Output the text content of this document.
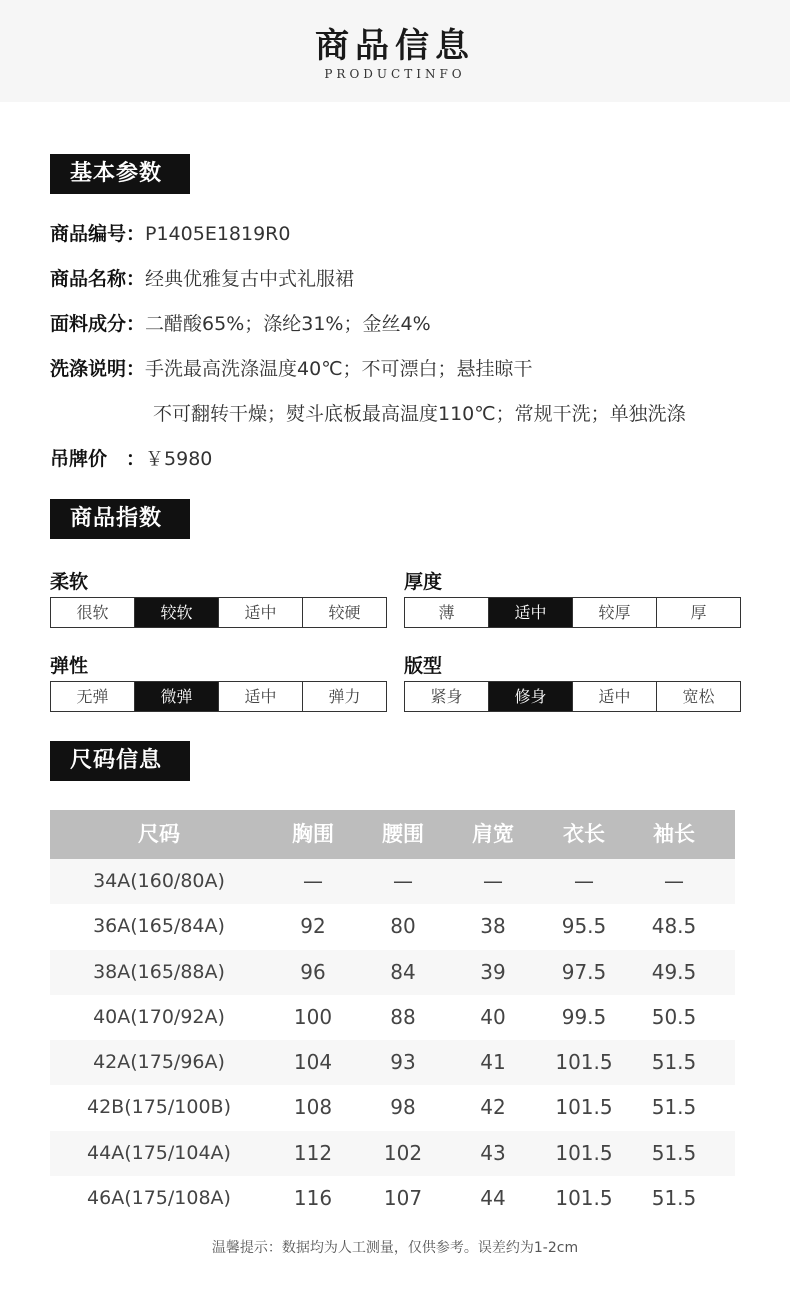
商品信息
PRODUCTINFO
基本参数
商品编号：P1405E1819R0
商品名称：经典优雅复古中式礼服裙
面料成分：二醋酸65%；涤纶31%；金丝4%
洗涤说明：手洗最高洗涤温度40℃；不可漂白；悬挂晾干
不可翻转干燥；熨斗底板最高温度110℃；常规干洗；单独洗涤
吊牌价　：￥5980
商品指数
柔软
很软	较软	适中	较硬
厚度
薄	适中	较厚	厚
弹性
无弹	微弹	适中	弹力
版型
紧身	修身	适中	宽松
尺码信息
尺码	胸围	腰围	肩宽	衣长	袖长
34A(160/80A)	—	—	—	—	—
36A(165/84A)	92	80	38	95.5	48.5
38A(165/88A)	96	84	39	97.5	49.5
40A(170/92A)	100	88	40	99.5	50.5
42A(175/96A)	104	93	41	101.5	51.5
42B(175/100B)	108	98	42	101.5	51.5
44A(175/104A)	112	102	43	101.5	51.5
46A(175/108A)	116	107	44	101.5	51.5
温馨提示：数据均为人工测量，仅供参考。误差约为1-2cm
